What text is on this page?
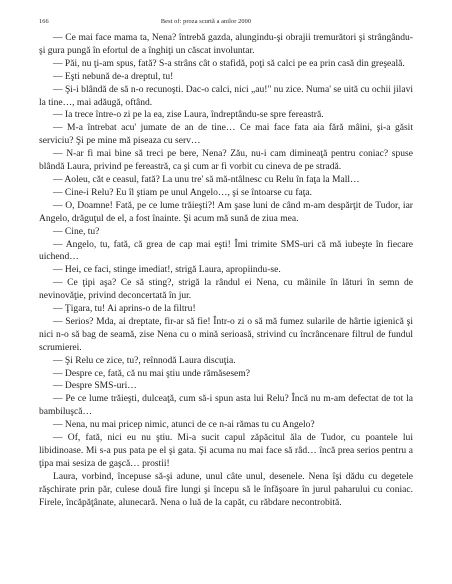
166	Best of: proza scurtă a anilor 2000

— Ce mai face mama ta, Nena? întrebă gazda, alungindu-şi obrajii tremurători şi strângându-şi gura pungă în efortul de a înghiţi un căscat involuntar.

— Păi, nu ţi-am spus, fată? S-a strâns cât o stafidă, poţi să calci pe ea prin casă din greşeală.

— Eşti nebună de-a dreptul, tu!

— Şi-i blândă de să n-o recunoşti. Dac-o calci, nici „au!" nu zice. Numa' se uită cu ochii jilavi la tine…, mai adăugă, oftând.

— Ia trece între-o zi pe la ea, zise Laura, îndreptându-se spre fereastră.

— M-a întrebat acu' jumate de an de tine… Ce mai face fata aia fără mâini, şi-a găsit serviciu? Şi pe mine mă piseaza cu serv…

— N-ar fi mai bine să treci pe bere, Nena? Zău, nu-i cam dimineaţă pentru coniac? spuse blândă Laura, privind pe fereastră, ca şi cum ar fi vorbit cu cineva de pe stradă.

— Aoleu, căt e ceasul, fată? La unu tre' să mă-ntâlnesc cu Relu în faţa la Mall…

— Cine-i Relu? Eu îl ştiam pe unul Angelo…, şi se întoarse cu faţa.

— O, Doamne! Fată, pe ce lume trăieşti?! Am şase luni de când m-am despărţit de Tudor, iar Angelo, drăguţul de el, a fost înainte. Şi acum mă sună de ziua mea.

— Cine, tu?

— Angelo, tu, fată, că grea de cap mai eşti! Îmi trimite SMS-uri că mă iubeşte în fiecare uichend…

— Hei, ce faci, stinge imediat!, strigă Laura, apropiindu-se.

— Ce ţipi aşa? Ce să sting?, strigă la rândul ei Nena, cu mâinile în lături în semn de nevinovăţie, privind deconcertată în jur.

— Ţigara, tu! Ai aprins-o de la filtru!

— Serios? Mda, ai dreptate, fir-ar să fie! Într-o zi o să mă fumez sularile de hârtie igienică şi nici n-o să bag de seamă, zise Nena cu o mină serioasă, strivind cu încrâncenare filtrul de fundul scrumierei.

— Şi Relu ce zice, tu?, reînnodă Laura discuţia.

— Despre ce, fată, că nu mai ştiu unde rămăsesem?

— Despre SMS-uri…

— Pe ce lume trăieşti, dulceaţă, cum să-i spun asta lui Relu? Încă nu m-am defectat de tot la bambiluşcă…

— Nena, nu mai pricep nimic, atunci de ce n-ai rămas tu cu Angelo?

— Of, fată, nici eu nu ştiu. Mi-a sucit capul zăpăcitul ăla de Tudor, cu poantele lui libidinoase. Mi s-a pus pata pe el şi gata. Şi acuma nu mai face să râd… încă prea serios pentru a ţipa mai sesiza de gaşcă… prostii!

Laura, vorbind, începuse să-şi adune, unul câte unul, desenele. Nena îşi dădu cu degetele răşchirate prin păr, culese două fire lungi şi începu să le înfăşoare în jurul paharului cu coniac. Firele, încăpăţânate, alunecară. Nena o luă de la capăt, cu răbdare necontrobită.
